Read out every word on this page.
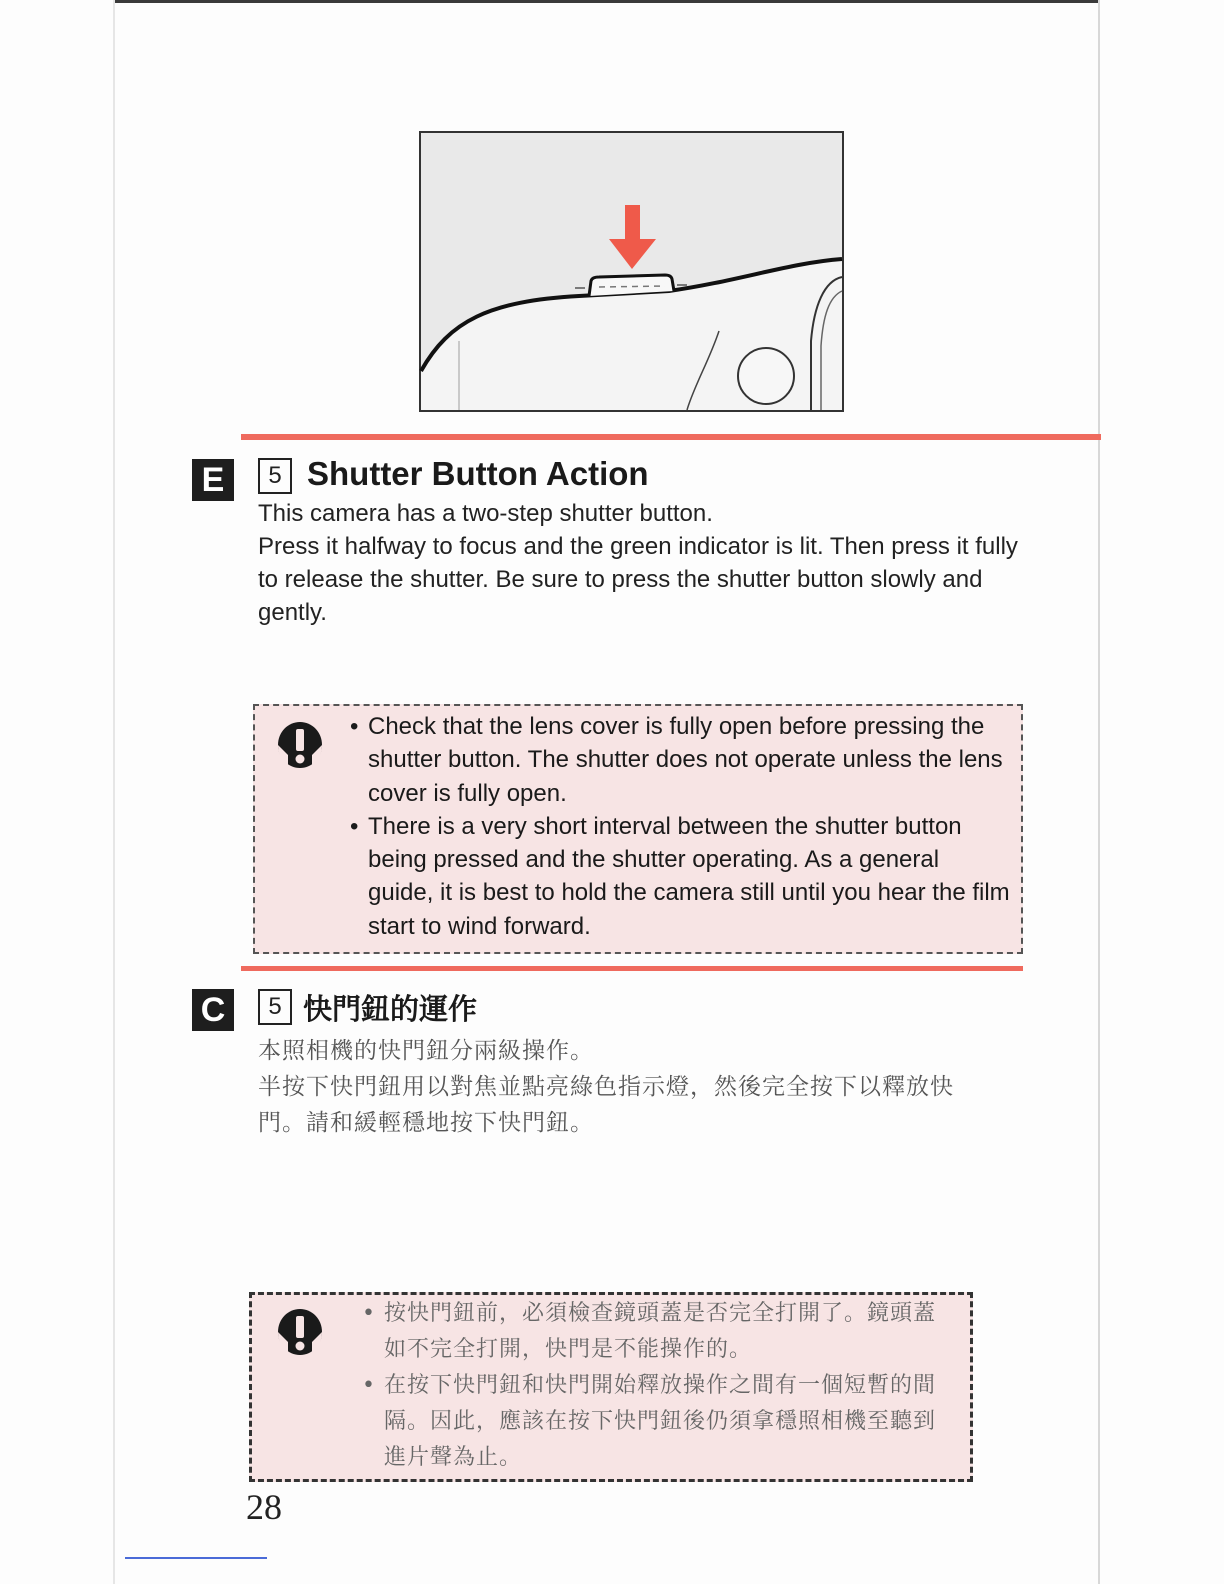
E	5 Shutter Button Action

This camera has a two-step shutter button.

Press it halfway to focus and the green indicator is lit. Then press it fully to release the shutter. Be sure to press the shutter button slowly and gently.

• Check that the lens cover is fully open before pressing the shutter button. The shutter does not operate unless the lens cover is fully open.
• There is a very short interval between the shutter button being pressed and the shutter operating. As a general guide, it is best to hold the camera still until you hear the film start to wind forward.
C	5 快門鈕的運作

本照相機的快門鈕分兩級操作。

半按下快門鈕用以對焦並點亮綠色指示燈，然後完全按下以釋放快門。請和緩輕穩地按下快門鈕。

• 按快門鈕前，必須檢查鏡頭蓋是否完全打開了。鏡頭蓋如不完全打開，快門是不能操作的。
• 在按下快門鈕和快門開始釋放操作之間有一個短暫的間隔。因此，應該在按下快門鈕後仍須拿穩照相機至聽到進片聲為止。
28
